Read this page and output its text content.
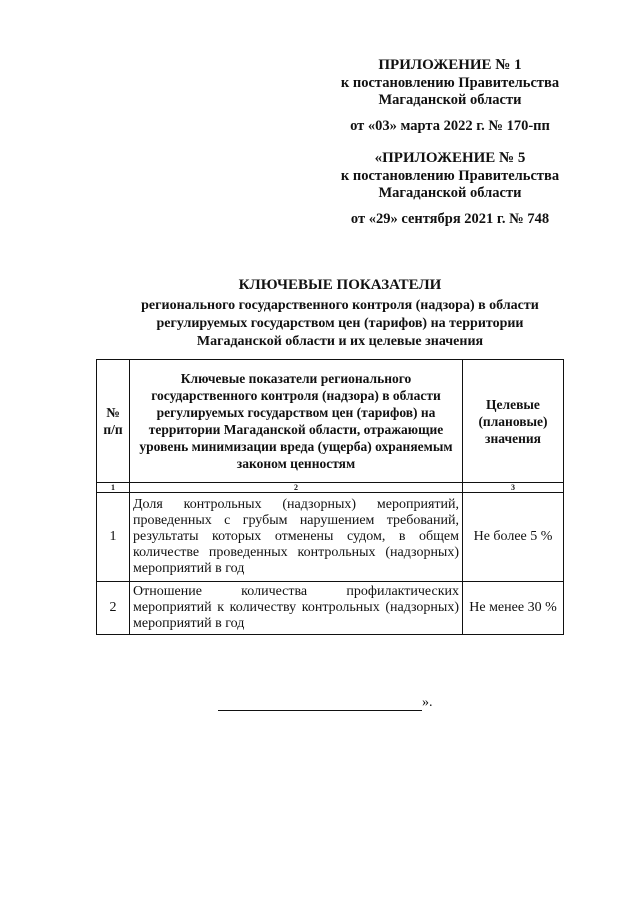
ПРИЛОЖЕНИЕ № 1
к постановлению Правительства
Магаданской области
от «03» марта 2022 г. № 170-пп
«ПРИЛОЖЕНИЕ № 5
к постановлению Правительства
Магаданской области
от «29» сентября 2021 г. № 748
КЛЮЧЕВЫЕ ПОКАЗАТЕЛИ
регионального государственного контроля (надзора) в области
регулируемых государством цен (тарифов) на территории
Магаданской области и их целевые значения
№ п/п	Ключевые показатели регионального государственного контроля (надзора) в области регулируемых государством цен (тарифов) на территории Магаданской области, отражающие уровень минимизации вреда (ущерба) охраняемым законом ценностям	Целевые (плановые) значения
1	2	3
1	Доля контрольных (надзорных) мероприятий, проведенных с грубым нарушением требований, результаты которых отменены судом, в общем количестве проведенных контрольных (надзорных) мероприятий в год	Не более 5 %
2	Отношение количества профилактических мероприятий к количеству контрольных (надзорных) мероприятий в год	Не менее 30 %
».
